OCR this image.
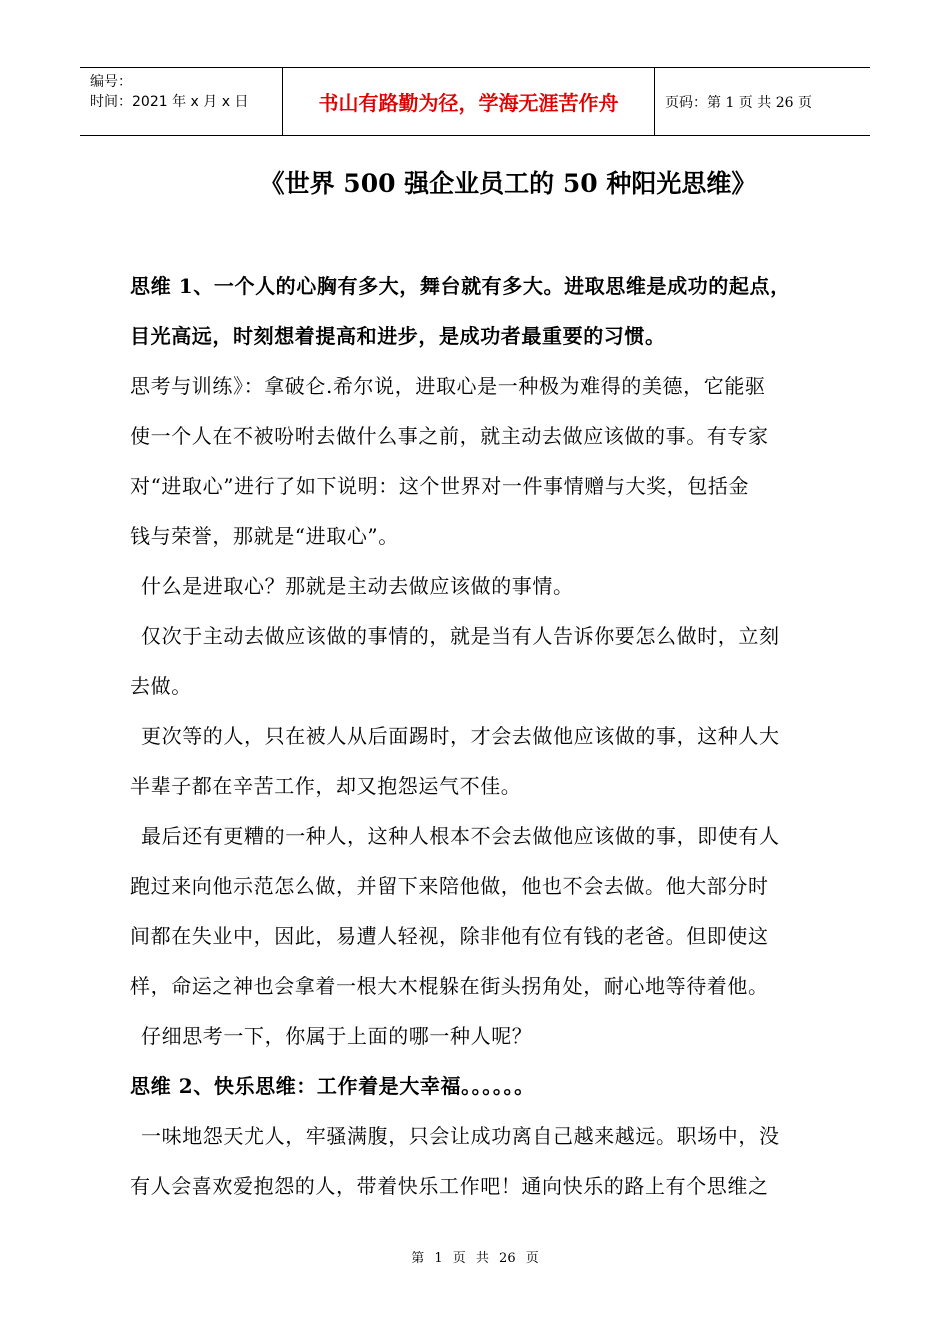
编号：
时间：2021 年 x 月 x 日	书山有路勤为径，学海无涯苦作舟	页码：第 1 页 共 26 页
《世界 500 强企业员工的 50 种阳光思维》
思维 1、一个人的心胸有多大，舞台就有多大。进取思维是成功的起点，
目光高远，时刻想着提高和进步，是成功者最重要的习惯。
思考与训练》：拿破仑.希尔说，进取心是一种极为难得的美德，它能驱
使一个人在不被吩咐去做什么事之前，就主动去做应该做的事。有专家
对“进取心”进行了如下说明：这个世界对一件事情赠与大奖，包括金
钱与荣誉，那就是“进取心”。
什么是进取心？那就是主动去做应该做的事情。
仅次于主动去做应该做的事情的，就是当有人告诉你要怎么做时，立刻
去做。
更次等的人，只在被人从后面踢时，才会去做他应该做的事，这种人大
半辈子都在辛苦工作，却又抱怨运气不佳。
最后还有更糟的一种人，这种人根本不会去做他应该做的事，即使有人
跑过来向他示范怎么做，并留下来陪他做，他也不会去做。他大部分时
间都在失业中，因此，易遭人轻视，除非他有位有钱的老爸。但即使这
样，命运之神也会拿着一根大木棍躲在街头拐角处，耐心地等待着他。
仔细思考一下，你属于上面的哪一种人呢？
思维 2、快乐思维：工作着是大幸福。。。。。。
一味地怨天尤人，牢骚满腹，只会让成功离自己越来越远。职场中，没
有人会喜欢爱抱怨的人，带着快乐工作吧！通向快乐的路上有个思维之
第 1 页 共 26 页
